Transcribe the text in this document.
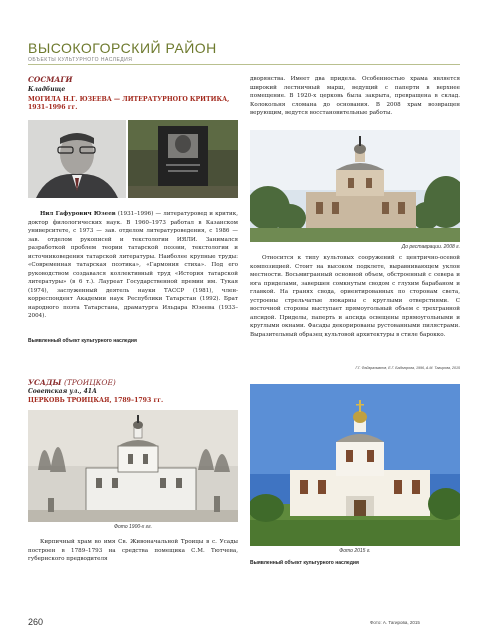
ВЫСОКОГОРСКИЙ РАЙОН
ОБЪЕКТЫ КУЛЬТУРНОГО НАСЛЕДИЯ
СОСМАГИ
Кладбище
МОГИЛА Н.Г. ЮЗЕЕВА — ЛИТЕРАТУРНОГО КРИТИКА, 1931–1996 гг.
Нил Гафурович Юзеев (1931–1996) — литературовед и критик, доктор филологических наук. В 1960–1973 работал в Казанском университете, с 1973 — зав. отделом литературоведения, с 1986 — зав. отделом рукописей и текстологии ИЯЛИ. Занимался разработкой проблем теории татарской поэзии, текстологии и источниковедения татарской литературы. Наиболее крупные труды: «Современная татарская поэтика», «Гармония стиха». Под его руководством создавался коллективный труд «История татарской литературы» (в 6 т.). Лауреат Государственной премии им. Тукая (1974), заслуженный деятель науки ТАССР (1981), член-корреспондент Академии наук Республики Татарстан (1992). Брат народного поэта Татарстана, драматурга Ильдара Юзеева (1933–2004).
Выявленный объект культурного наследия
УСАДЫ (ТРОИЦКОЕ)
Советская ул., 41А
ЦЕРКОВЬ ТРОИЦКАЯ, 1789–1793 гг.
Фото 1900-х гг.
Кирпичный храм во имя Св. Живоначальной Троицы в с. Усады построен в 1789–1793 на средства помещика С.М. Тютчева, губернского предводителя
дворянства. Имеет два придела. Особенностью храма является широкий лестничный марш, ведущий с паперти в верхнее помещение. В 1920-х церковь была закрыта, превращена в склад. Колокольня сломана до основания. В 2008 храм возвращен верующим, ведутся восстановительные работы.
До реставрации. 2008 г.
Относится к типу культовых сооружений с центрично-осевой композицией. Стоит на высоком подклете, выравнивающем уклон местности. Восьмигранный основной объем, обстроенный с севера и юга приделами, завершен сомкнутым сводом с глухим барабаном и главкой. На гранях свода, ориентированных по сторонам света, устроены стрельчатые люкарны с круглыми отверстиями. С восточной стороны выступает прямоугольный объем с трехгранной апсидой. Приделы, паперть и апсида освещены прямоугольными и круглыми окнами. Фасады декорированы рустованными пилястрами. Выразительный образец культовой архитектуры в стиле барокко.
Г.Г. Файзрахманов, Е.Г. Бадьюрова, 1996, А.М. Тагирова, 2015
Фото 2015 г.
Выявленный объект культурного наследия
260	Фото: А. Тагирова, 2015
